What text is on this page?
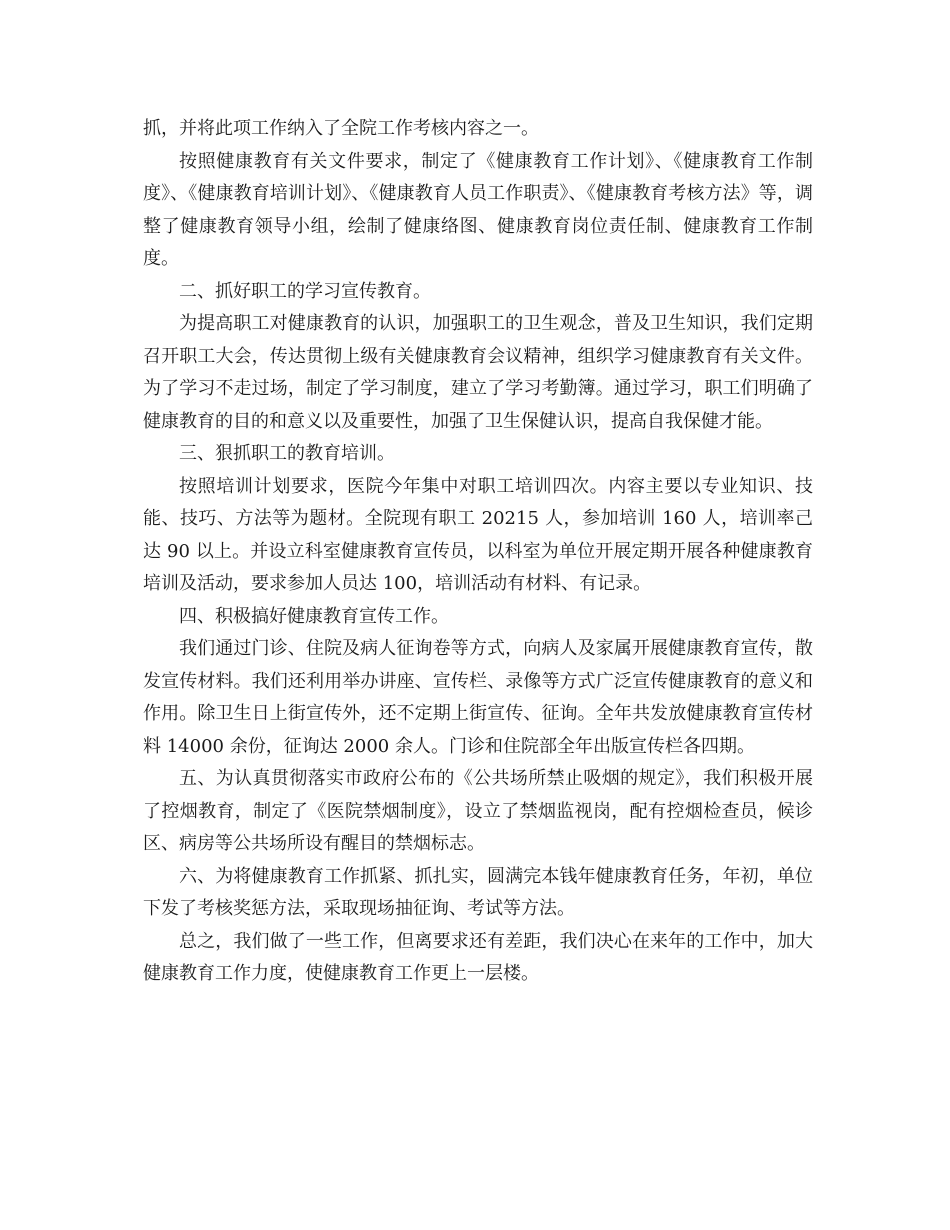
抓，并将此项工作纳入了全院工作考核内容之一。

按照健康教育有关文件要求，制定了《健康教育工作计划》、《健康教育工作制度》、《健康教育培训计划》、《健康教育人员工作职责》、《健康教育考核方法》等，调整了健康教育领导小组，绘制了健康络图、健康教育岗位责任制、健康教育工作制度。

二、抓好职工的学习宣传教育。

为提高职工对健康教育的认识，加强职工的卫生观念，普及卫生知识，我们定期召开职工大会，传达贯彻上级有关健康教育会议精神，组织学习健康教育有关文件。为了学习不走过场，制定了学习制度，建立了学习考勤簿。通过学习，职工们明确了健康教育的目的和意义以及重要性，加强了卫生保健认识，提高自我保健才能。

三、狠抓职工的教育培训。

按照培训计划要求，医院今年集中对职工培训四次。内容主要以专业知识、技能、技巧、方法等为题材。全院现有职工 20215 人，参加培训 160 人，培训率己达 90 以上。并设立科室健康教育宣传员，以科室为单位开展定期开展各种健康教育培训及活动，要求参加人员达 100，培训活动有材料、有记录。

四、积极搞好健康教育宣传工作。

我们通过门诊、住院及病人征询卷等方式，向病人及家属开展健康教育宣传，散发宣传材料。我们还利用举办讲座、宣传栏、录像等方式广泛宣传健康教育的意义和作用。除卫生日上街宣传外，还不定期上街宣传、征询。全年共发放健康教育宣传材料 14000 余份，征询达 2000 余人。门诊和住院部全年出版宣传栏各四期。

五、为认真贯彻落实市政府公布的《公共场所禁止吸烟的规定》，我们积极开展了控烟教育，制定了《医院禁烟制度》，设立了禁烟监视岗，配有控烟检查员，候诊区、病房等公共场所设有醒目的禁烟标志。

六、为将健康教育工作抓紧、抓扎实，圆满完本钱年健康教育任务，年初，单位下发了考核奖惩方法，采取现场抽征询、考试等方法。

总之，我们做了一些工作，但离要求还有差距，我们决心在来年的工作中，加大健康教育工作力度，使健康教育工作更上一层楼。
